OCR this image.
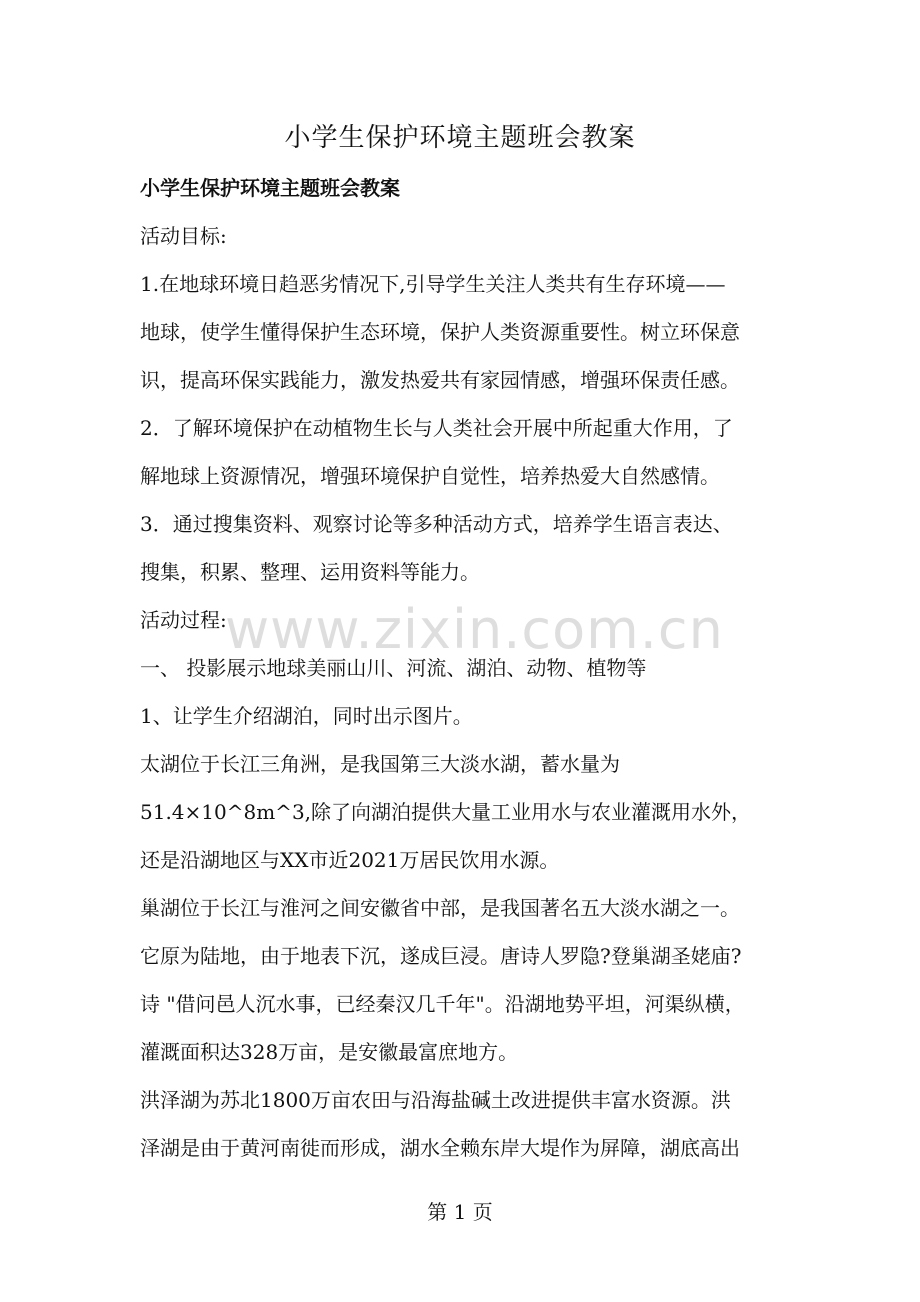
小学生保护环境主题班会教案
小学生保护环境主题班会教案
活动目标:
1.在地球环境日趋恶劣情况下,引导学生关注人类共有生存环境——
地球，使学生懂得保护生态环境，保护人类资源重要性。树立环保意
识，提高环保实践能力，激发热爱共有家园情感，增强环保责任感。
2．了解环境保护在动植物生长与人类社会开展中所起重大作用，了
解地球上资源情况，增强环境保护自觉性，培养热爱大自然感情。
3．通过搜集资料、观察讨论等多种活动方式，培养学生语言表达、
搜集，积累、整理、运用资料等能力。
活动过程:
一、 投影展示地球美丽山川、河流、湖泊、动物、植物等
1、让学生介绍湖泊，同时出示图片。
太湖位于长江三角洲，是我国第三大淡水湖，蓄水量为
51.4×10^8m^3,除了向湖泊提供大量工业用水与农业灌溉用水外，
还是沿湖地区与XX市近2021万居民饮用水源。
巢湖位于长江与淮河之间安徽省中部，是我国著名五大淡水湖之一。
它原为陆地，由于地表下沉，遂成巨浸。唐诗人罗隐?登巢湖圣姥庙?
诗 "借问邑人沉水事，已经秦汉几千年"。沿湖地势平坦，河渠纵横，
灌溉面积达328万亩，是安徽最富庶地方。
洪泽湖为苏北1800万亩农田与沿海盐碱土改进提供丰富水资源。洪
泽湖是由于黄河南徙而形成，湖水全赖东岸大堤作为屏障，湖底高出
www.zixin.com.cn
第 1 页
